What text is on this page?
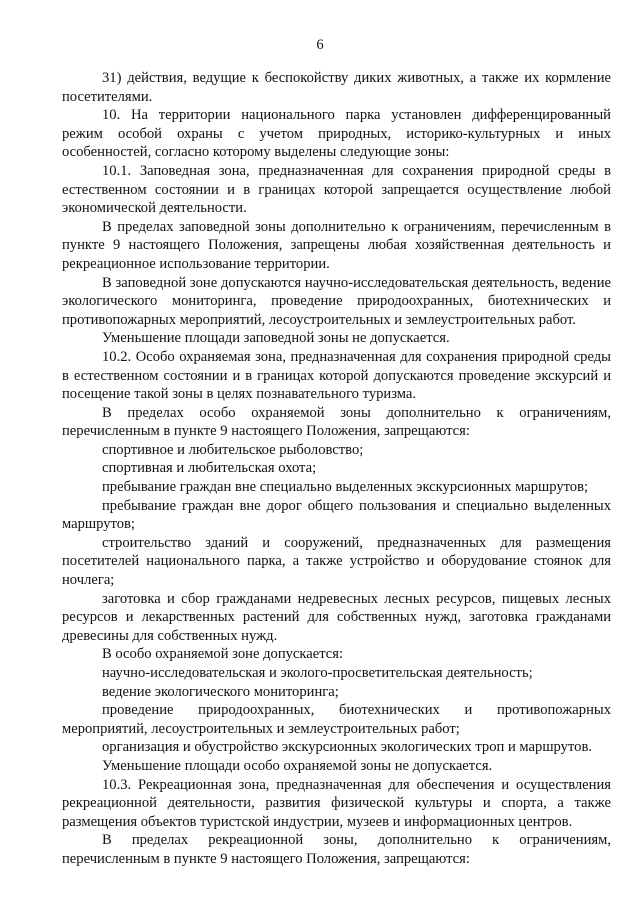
6

31) действия, ведущие к беспокойству диких животных, а также их кормление посетителями.

10. На территории национального парка установлен дифференцированный режим особой охраны с учетом природных, историко-культурных и иных особенностей, согласно которому выделены следующие зоны:

10.1. Заповедная зона, предназначенная для сохранения природной среды в естественном состоянии и в границах которой запрещается осуществление любой экономической деятельности.

В пределах заповедной зоны дополнительно к ограничениям, перечисленным в пункте 9 настоящего Положения, запрещены любая хозяйственная деятельность и рекреационное использование территории.

В заповедной зоне допускаются научно-исследовательская деятельность, ведение экологического мониторинга, проведение природоохранных, биотехнических и противопожарных мероприятий, лесоустроительных и землеустроительных работ.

Уменьшение площади заповедной зоны не допускается.

10.2. Особо охраняемая зона, предназначенная для сохранения природной среды в естественном состоянии и в границах которой допускаются проведение экскурсий и посещение такой зоны в целях познавательного туризма.

В пределах особо охраняемой зоны дополнительно к ограничениям, перечисленным в пункте 9 настоящего Положения, запрещаются:

спортивное и любительское рыболовство;

спортивная и любительская охота;

пребывание граждан вне специально выделенных экскурсионных маршрутов;

пребывание граждан вне дорог общего пользования и специально выделенных маршрутов;

строительство зданий и сооружений, предназначенных для размещения посетителей национального парка, а также устройство и оборудование стоянок для ночлега;

заготовка и сбор гражданами недревесных лесных ресурсов, пищевых лесных ресурсов и лекарственных растений для собственных нужд, заготовка гражданами древесины для собственных нужд.

В особо охраняемой зоне допускается:

научно-исследовательская и эколого-просветительская деятельность;

ведение экологического мониторинга;

проведение природоохранных, биотехнических и противопожарных мероприятий, лесоустроительных и землеустроительных работ;

организация и обустройство экскурсионных экологических троп и маршрутов.

Уменьшение площади особо охраняемой зоны не допускается.

10.3. Рекреационная зона, предназначенная для обеспечения и осуществления рекреационной деятельности, развития физической культуры и спорта, а также размещения объектов туристской индустрии, музеев и информационных центров.

В пределах рекреационной зоны, дополнительно к ограничениям, перечисленным в пункте 9 настоящего Положения, запрещаются:
